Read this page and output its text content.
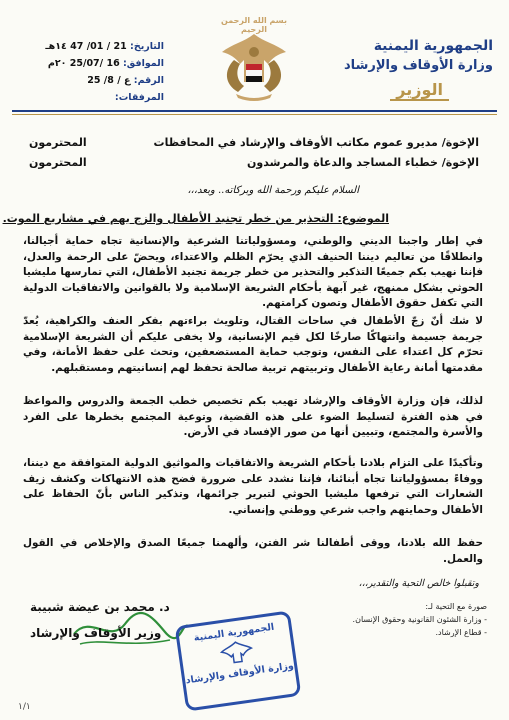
الجمهورية اليمنية
وزارة الأوقاف والإرشاد
الوزير
بسم الله الرحمن الرحيم
التاريخ: 21 / 01/ 47 ١٤هـ
الموافق: 16 /25/07 ٢٠م
الرقم: ع / 8/ 25
المرفقات:
الإخوة/ مديرو عموم مكاتب الأوقاف والإرشاد في المحافظات
المحترمون
الإخوة/ خطباء المساجد والدعاة والمرشدون
المحترمون
السلام عليكم ورحمة الله وبركاته.. وبعد،،،
الموضوع: التحذير من خطر تجنيد الأطفال والزج بهم في مشاريع الموت.
في إطار واجبنا الديني والوطني، ومسؤولياتنا الشرعية والإنسانية تجاه حماية أجيالنا، وانطلاقًا من تعاليم ديننا الحنيف الذي يحرّم الظلم والاعتداء، ويحضّ على الرحمة والعدل، فإننا نهيب بكم جميعًا التذكير والتحذير من خطر جريمة تجنيد الأطفال، التي تمارسها مليشيا الحوثي بشكل ممنهج، غير آبهة بأحكام الشريعة الإسلامية ولا بالقوانين والاتفاقيات الدولية التي تكفل حقوق الأطفال وتصون كرامتهم.
لا شك أنّ زجّ الأطفال في ساحات القتال، وتلويث براءتهم بفكر العنف والكراهية، يُعدّ جريمة جسيمة وانتهاكًا صارخًا لكل قيم الإنسانية، ولا يخفى عليكم أن الشريعة الإسلامية تحرّم كل اعتداء على النفس، وتوجب حماية المستضعفين، وتحث على حفظ الأمانة، وفي مقدمتها أمانة رعاية الأطفال وتربيتهم تربية صالحة تحفظ لهم إنسانيتهم ومستقبلهم.
لذلك، فإن وزارة الأوقاف والإرشاد تهيب بكم تخصيص خطب الجمعة والدروس والمواعظ في هذه الفترة لتسليط الضوء على هذه القضية، وتوعية المجتمع بخطرها على الفرد والأسرة والمجتمع، وتبيين أنها من صور الإفساد في الأرض.
وتأكيدًا على التزام بلادنا بأحكام الشريعة والاتفاقيات والمواثيق الدولية المتوافقة مع ديننا، ووفاءً بمسؤولياتنا تجاه أبنائنا، فإننا نشدد على ضرورة فضح هذه الانتهاكات وكشف زيف الشعارات التي ترفعها مليشيا الحوثي لتبرير جرائمها، وتذكير الناس بأنّ الحفاظ على الأطفال وحمايتهم واجب شرعي ووطني وإنساني.
حفظ الله بلادنا، ووقى أطفالنا شر الفتن، وألهمنا جميعًا الصدق والإخلاص في القول والعمل.
وتقبلوا خالص التحية والتقدير،،،
د. محمد بن عيضة شبيبة
وزير الأوقاف والإرشاد	الجمهورية اليمنية
وزارة الأوقاف والإرشاد
صورة مع التحية لـ:
- وزارة الشئون القانونية وحقوق الإنسان.
- قطاع الإرشاد.
١/١
